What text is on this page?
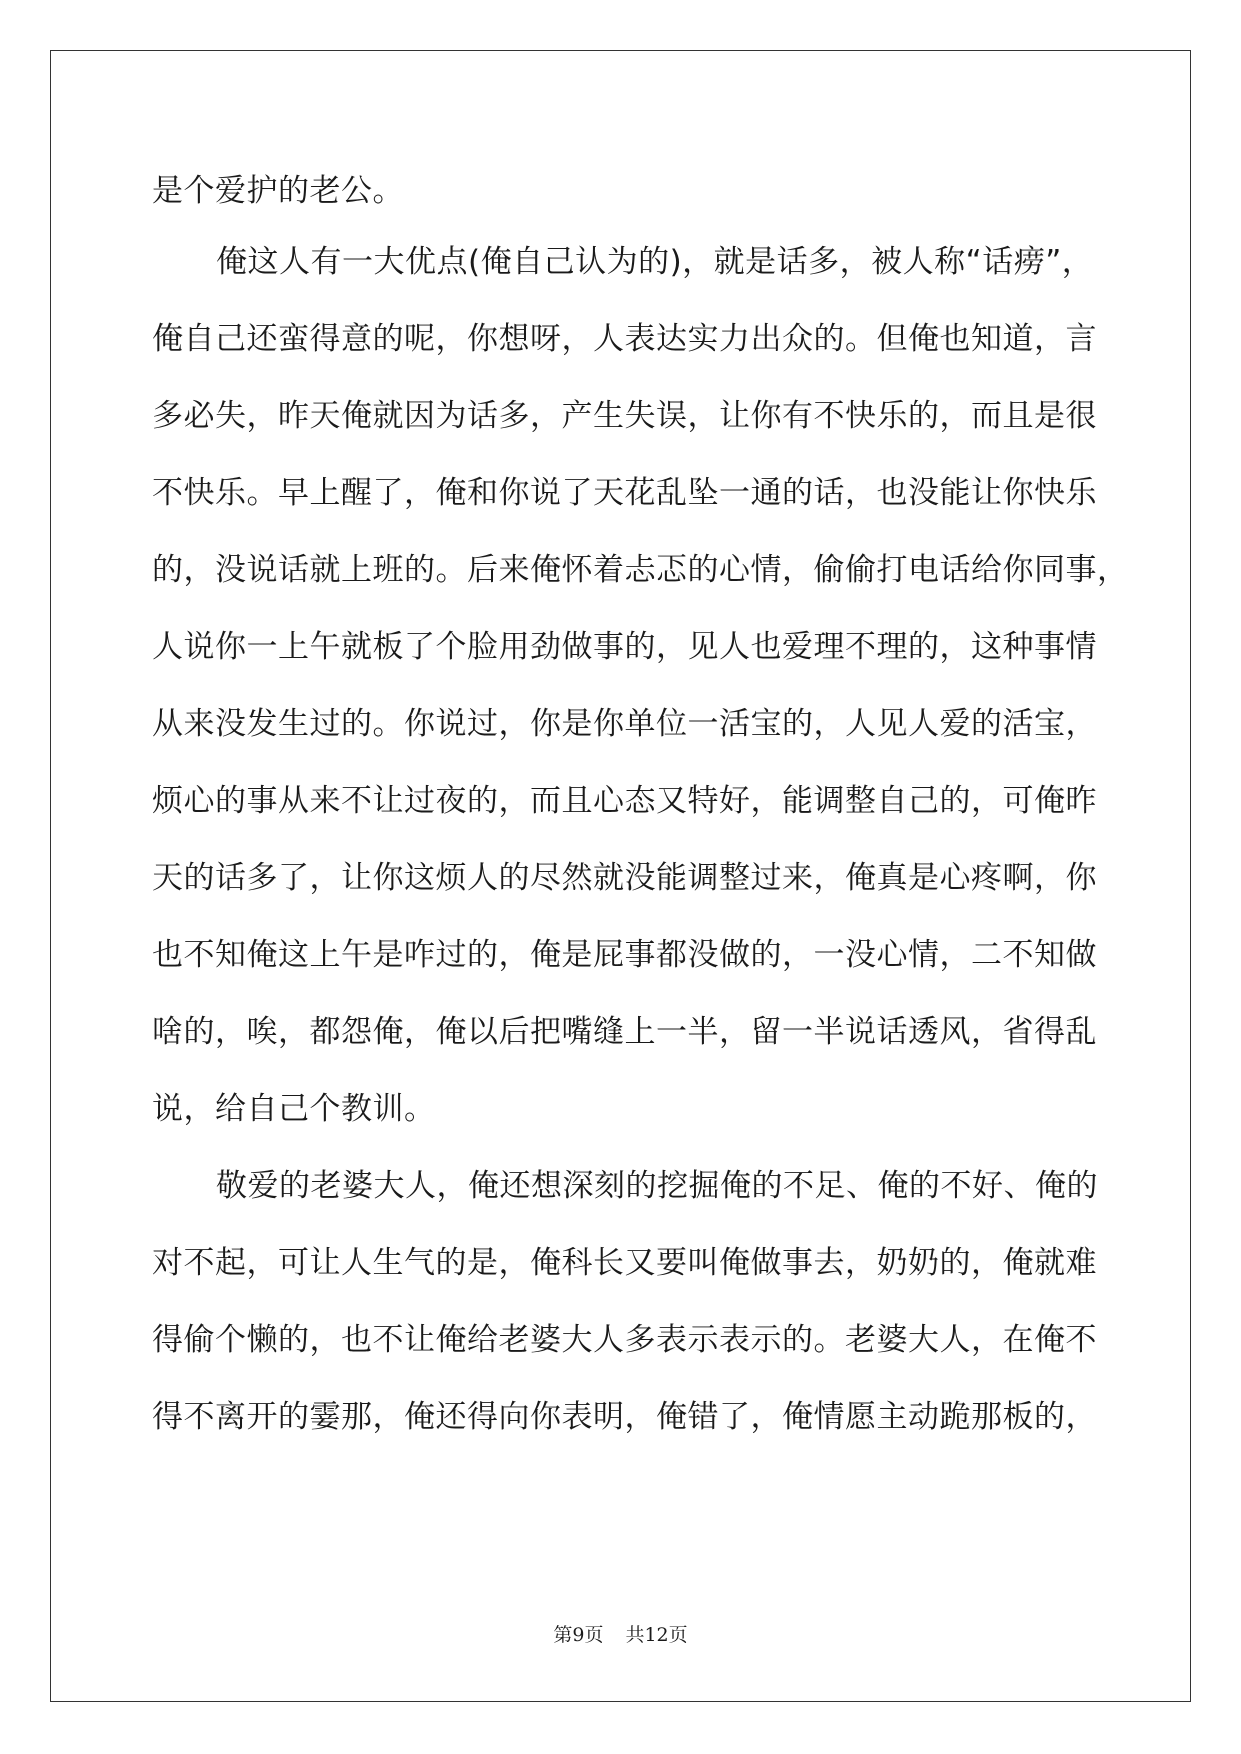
是个爱护的老公。
俺这人有一大优点(俺自己认为的)，就是话多，被人称“话痨”，
俺自己还蛮得意的呢，你想呀，人表达实力出众的。但俺也知道，言
多必失，昨天俺就因为话多，产生失误，让你有不快乐的，而且是很
不快乐。早上醒了，俺和你说了天花乱坠一通的话，也没能让你快乐
的，没说话就上班的。后来俺怀着忐忑的心情，偷偷打电话给你同事，
人说你一上午就板了个脸用劲做事的，见人也爱理不理的，这种事情
从来没发生过的。你说过，你是你单位一活宝的，人见人爱的活宝，
烦心的事从来不让过夜的，而且心态又特好，能调整自己的，可俺昨
天的话多了，让你这烦人的尽然就没能调整过来，俺真是心疼啊，你
也不知俺这上午是咋过的，俺是屁事都没做的，一没心情，二不知做
啥的，唉，都怨俺，俺以后把嘴缝上一半，留一半说话透风，省得乱
说，给自己个教训。
敬爱的老婆大人，俺还想深刻的挖掘俺的不足、俺的不好、俺的
对不起，可让人生气的是，俺科长又要叫俺做事去，奶奶的，俺就难
得偷个懒的，也不让俺给老婆大人多表示表示的。老婆大人，在俺不
得不离开的霎那，俺还得向你表明，俺错了，俺情愿主动跪那板的，
第9页 共12页
